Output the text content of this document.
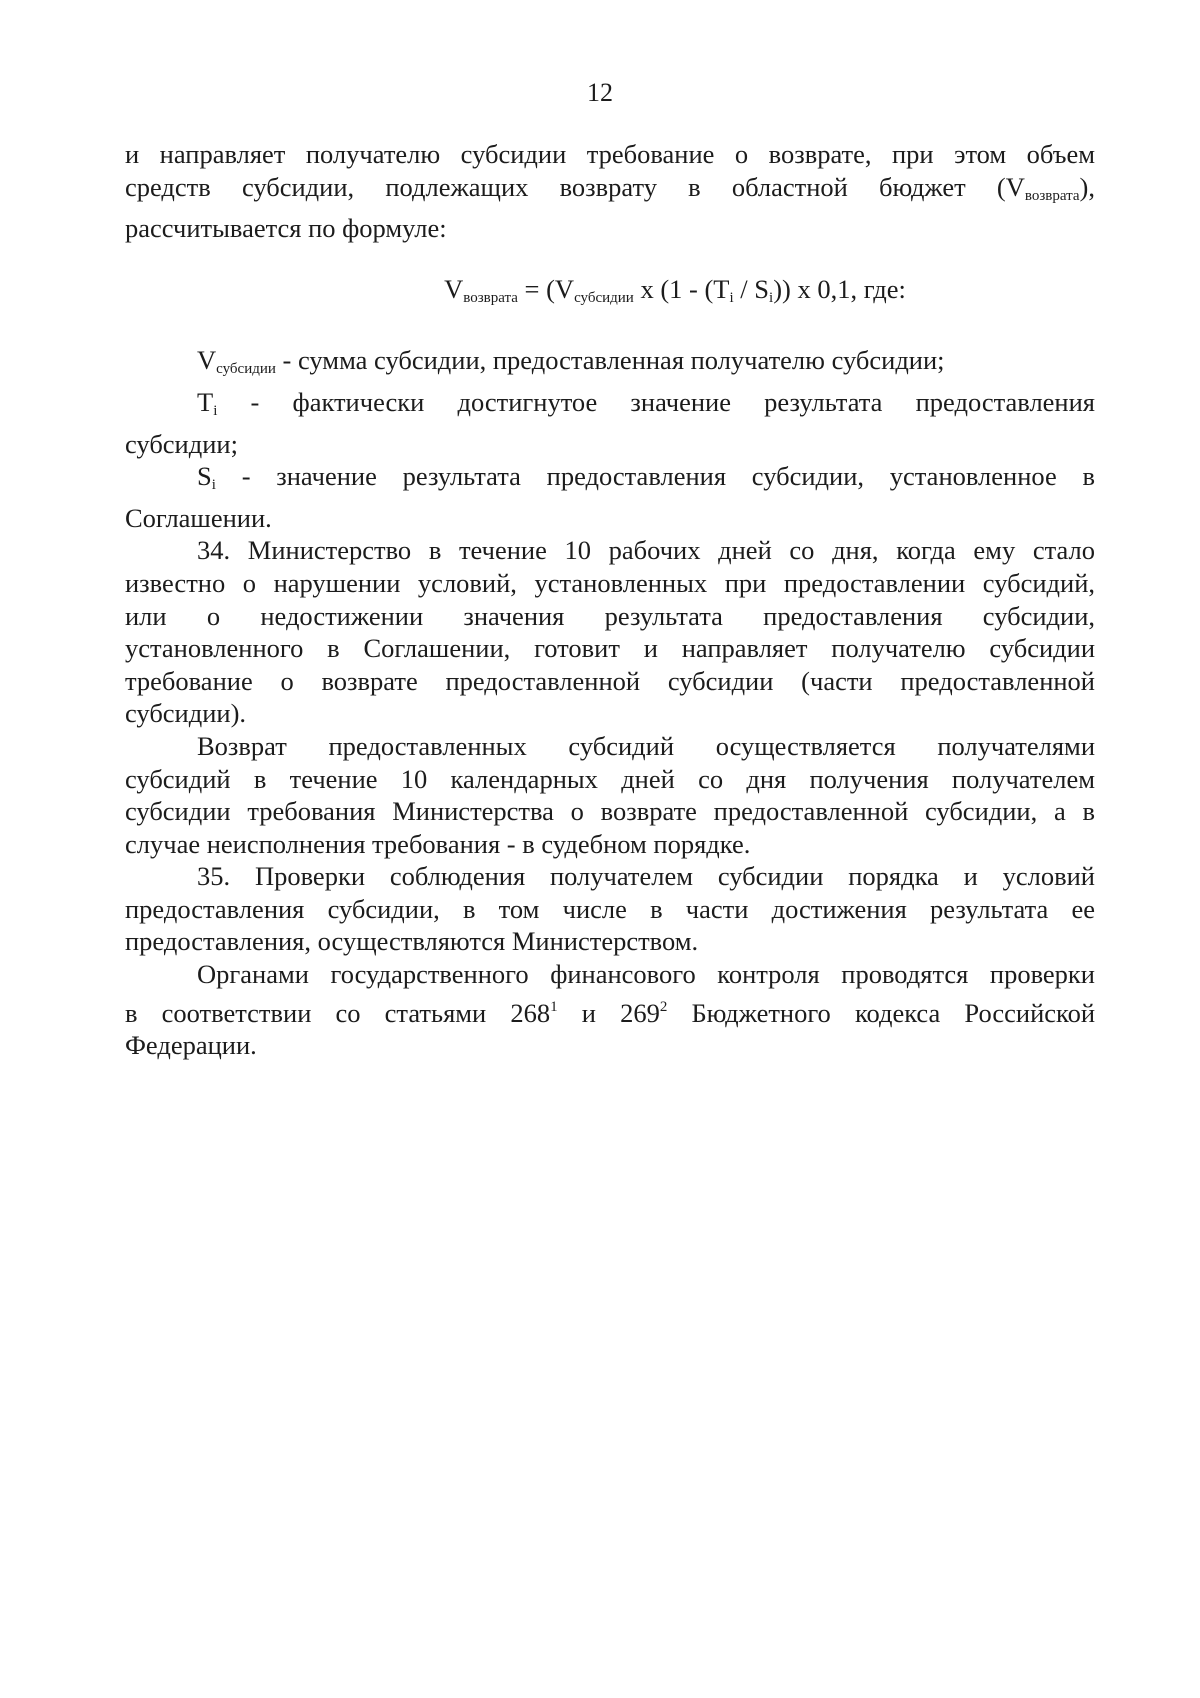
12

и направляет получателю субсидии требование о возврате, при этом объем
средств субсидии, подлежащих возврату в областной бюджет $(V_{возврата})$,
рассчитывается по формуле:

$V_{возврата} = (V_{субсидии}$ x $(1 - (T_i / S_i))$ x 0,1, где:

$V_{субсидии}$ - сумма субсидии, предоставленная получателю субсидии;

$T_i$ - фактически достигнутое значение результата предоставления
субсидии;

$S_i$ - значение результата предоставления субсидии, установленное в
Соглашении.

34. Министерство в течение 10 рабочих дней со дня, когда ему стало
известно о нарушении условий, установленных при предоставлении субсидий,
или о недостижении значения результата предоставления субсидии,
установленного в Соглашении, готовит и направляет получателю субсидии
требование о возврате предоставленной субсидии (части предоставленной
субсидии).

Возврат предоставленных субсидий осуществляется получателями
субсидий в течение 10 календарных дней со дня получения получателем
субсидии требования Министерства о возврате предоставленной субсидии, а в
случае неисполнения требования - в судебном порядке.

35. Проверки соблюдения получателем субсидии порядка и условий
предоставления субсидии, в том числе в части достижения результата ее
предоставления, осуществляются Министерством.

Органами государственного финансового контроля проводятся проверки
в соответствии со статьями $268^1$ и $269^2$ Бюджетного кодекса Российской
Федерации.
